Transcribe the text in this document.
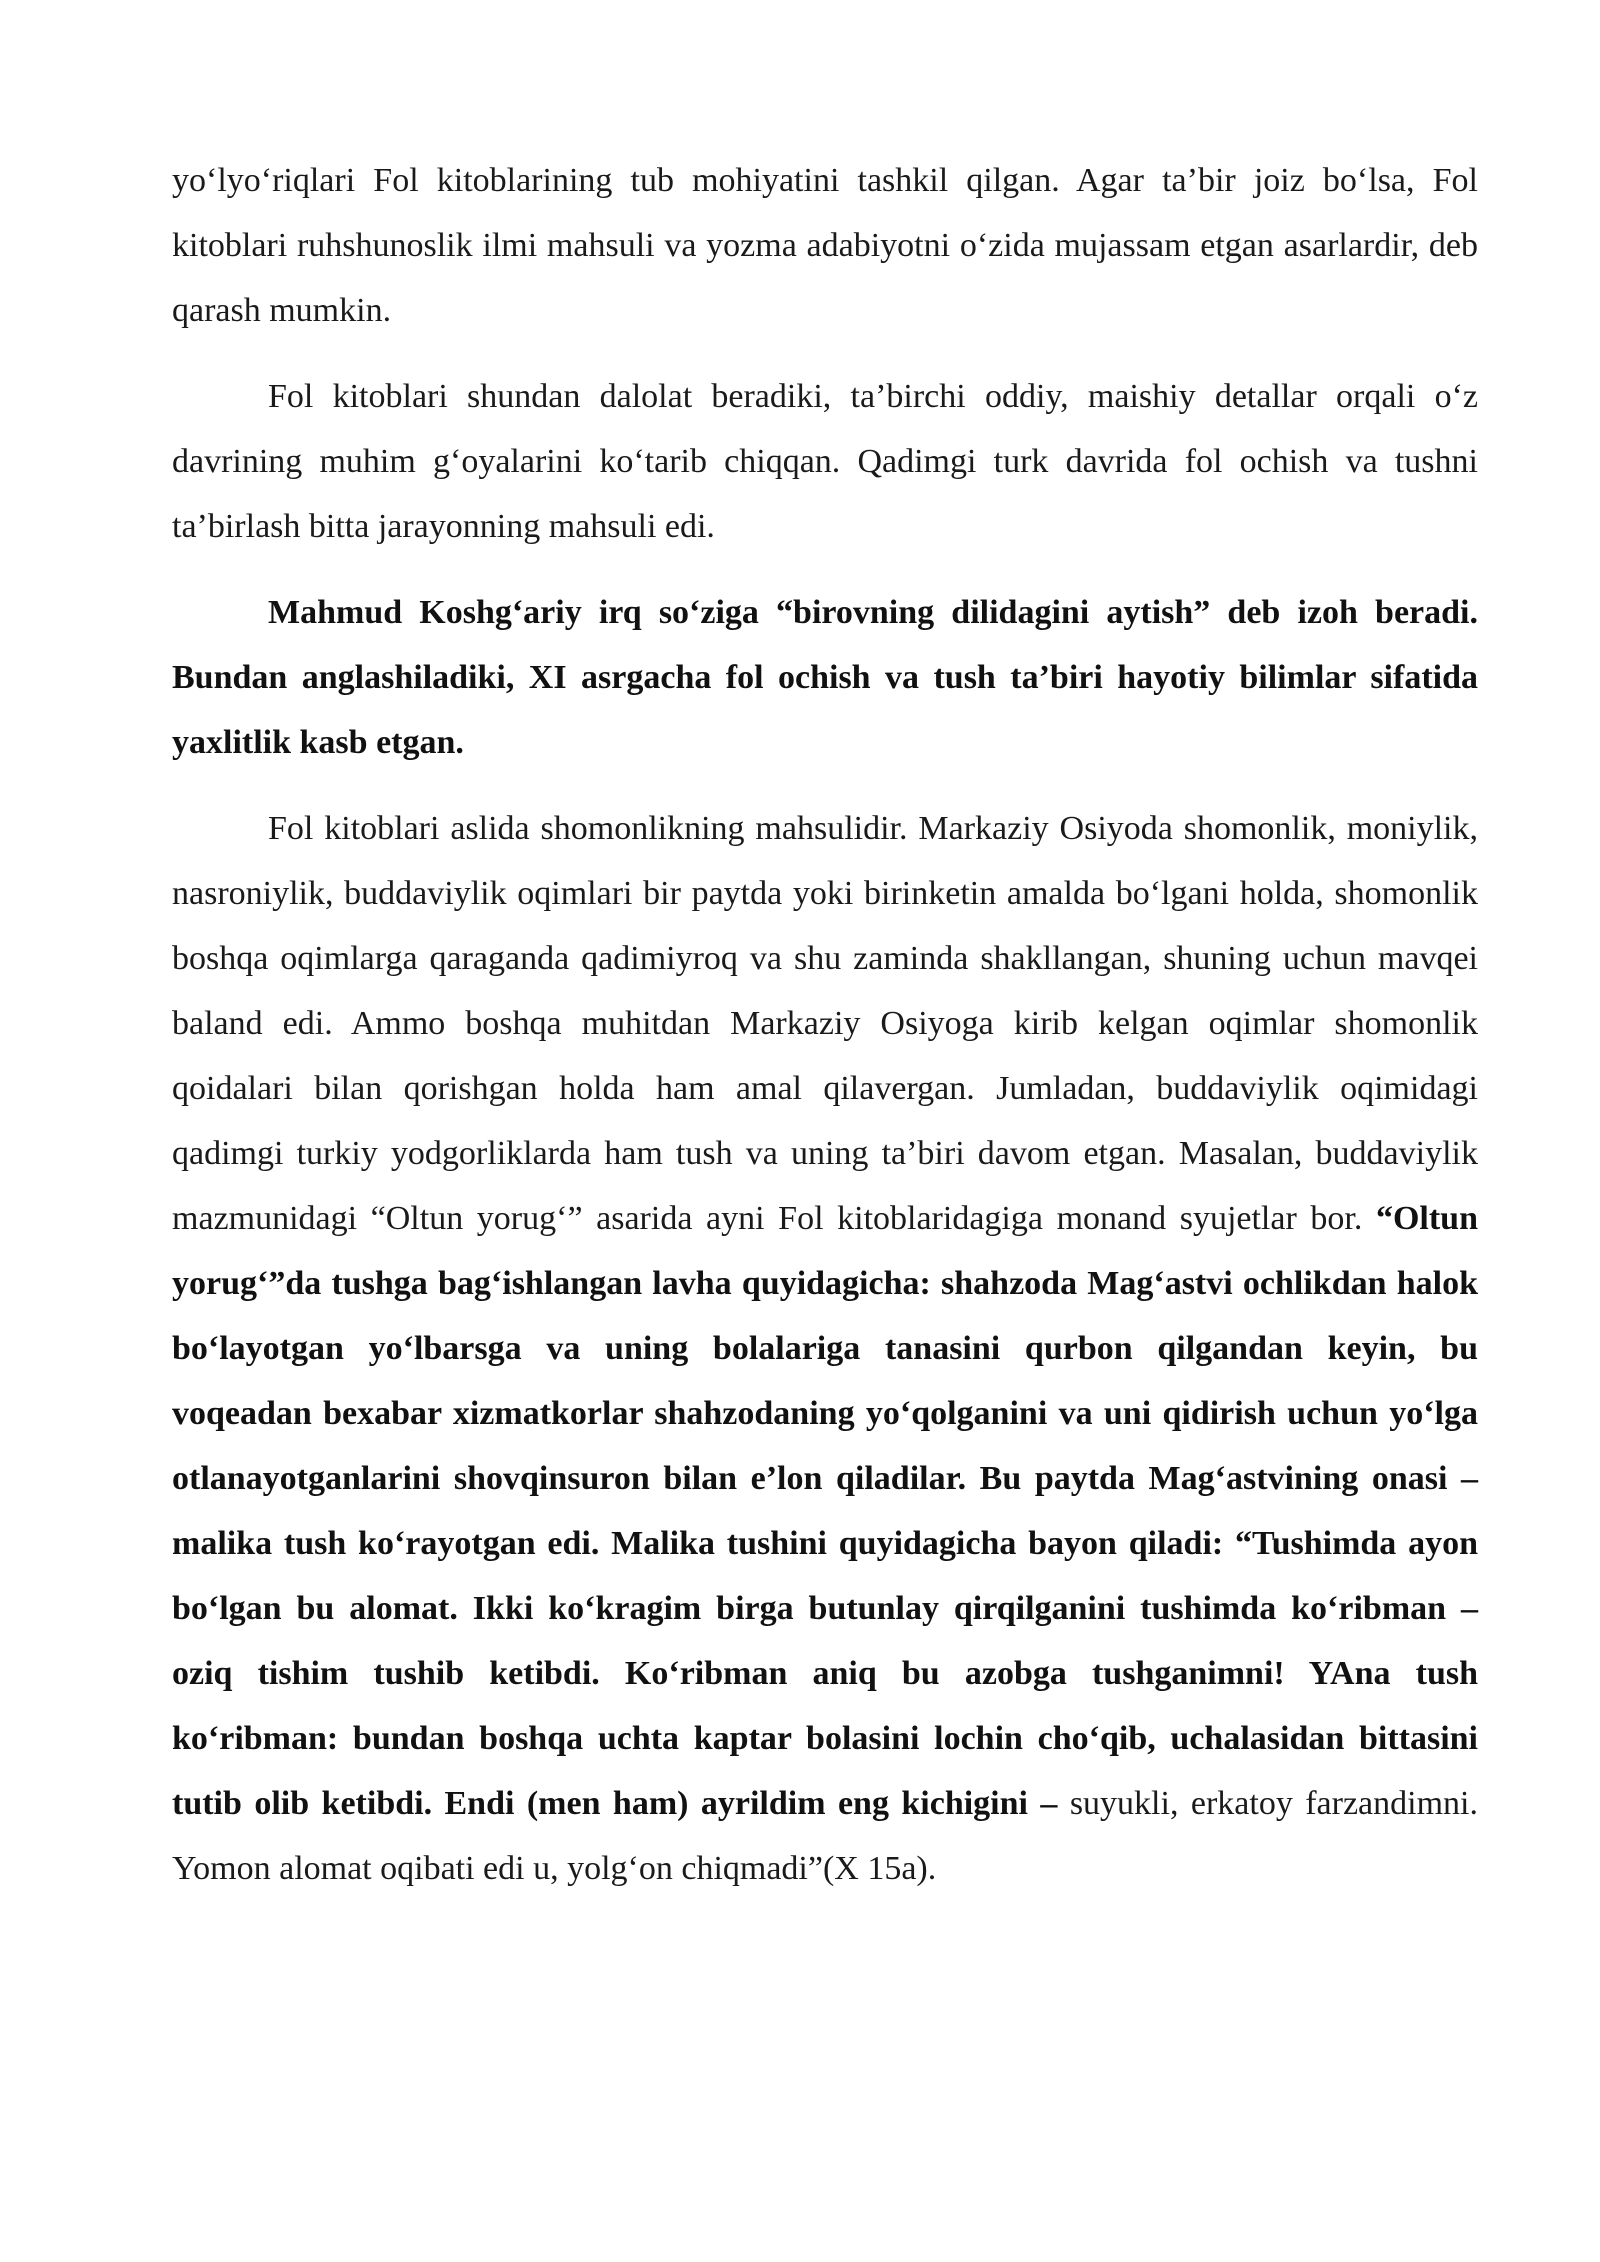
yo‘lyo‘riqlari Fol kitoblarining tub mohiyatini tashkil qilgan. Agar ta’bir joiz bo‘lsa, Fol kitoblari ruhshunoslik ilmi mahsuli va yozma adabiyotni o‘zida mujassam etgan asarlardir, deb qarash mumkin.

Fol kitoblari shundan dalolat beradiki, ta’birchi oddiy, maishiy detallar orqali o‘z davrining muhim g‘oyalarini ko‘tarib chiqqan. Qadimgi turk davrida fol ochish va tushni ta’birlash bitta jarayonning mahsuli edi.

Mahmud Koshg‘ariy irq so‘ziga “birovning dilidagini aytish” deb izoh beradi. Bundan anglashiladiki, XI asrgacha fol ochish va tush ta’biri hayotiy bilimlar sifatida yaxlitlik kasb etgan.

Fol kitoblari aslida shomonlikning mahsulidir. Markaziy Osiyoda shomonlik, moniylik, nasroniylik, buddaviylik oqimlari bir paytda yoki birinketin amalda bo‘lgani holda, shomonlik boshqa oqimlarga qaraganda qadimiyroq va shu zaminda shakllangan, shuning uchun mavqei baland edi. Ammo boshqa muhitdan Markaziy Osiyoga kirib kelgan oqimlar shomonlik qoidalari bilan qorishgan holda ham amal qilavergan. Jumladan, buddaviylik oqimidagi qadimgi turkiy yodgorliklarda ham tush va uning ta’biri davom etgan. Masalan, buddaviylik mazmunidagi “Oltun yorug‘” asarida ayni Fol kitoblaridagiga monand syujetlar bor. “Oltun yorug‘”da tushga bag‘ishlangan lavha quyidagicha: shahzoda Mag‘astvi ochlikdan halok bo‘layotgan yo‘lbarsga va uning bolalariga tanasini qurbon qilgandan keyin, bu voqeadan bexabar xizmatkorlar shahzodaning yo‘qolganini va uni qidirish uchun yo‘lga otlanayotganlarini shovqinsuron bilan e’lon qiladilar. Bu paytda Mag‘astvining onasi – malika tush ko‘rayotgan edi. Malika tushini quyidagicha bayon qiladi: “Tushimda ayon bo‘lgan bu alomat. Ikki ko‘kragim birga butunlay qirqilganini tushimda ko‘ribman – oziq tishim tushib ketibdi. Ko‘ribman aniq bu azobga tushganimni! YAna tush ko‘ribman: bundan boshqa uchta kaptar bolasini lochin cho‘qib, uchalasidan bittasini tutib olib ketibdi. Endi (men ham) ayrildim eng kichigini – suyukli, erkatoy farzandimni. Yomon alomat oqibati edi u, yolg‘on chiqmadi”(X 15a).
